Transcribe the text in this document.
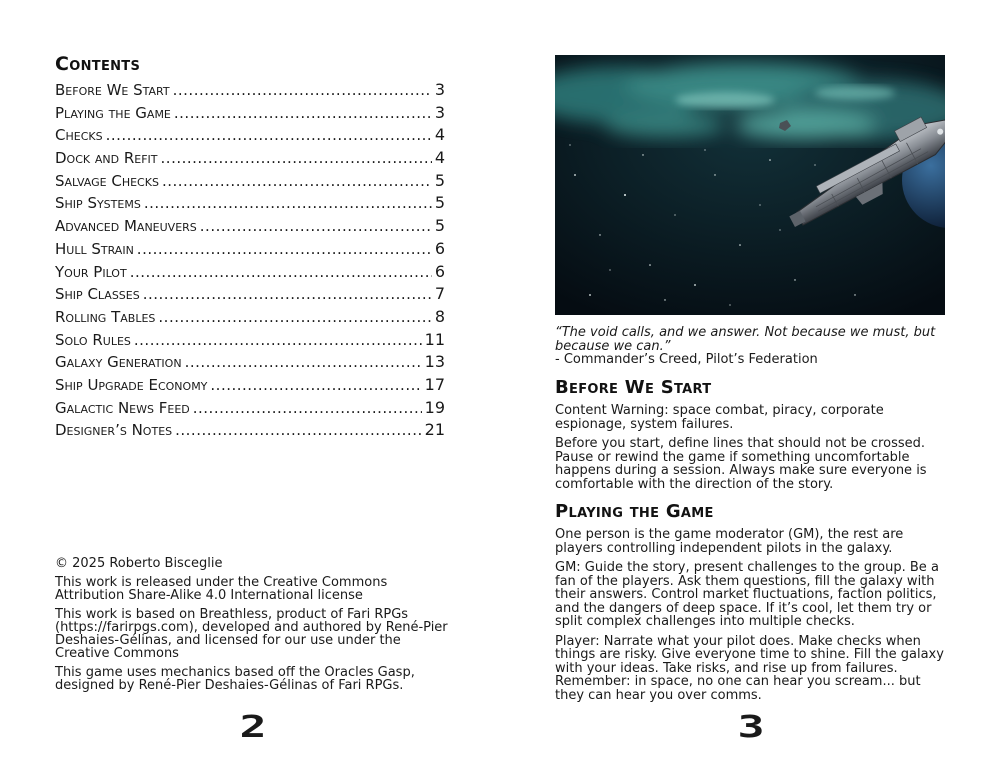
Contents
Before We Start .....	3
Playing the Game .....	3
Checks .....	4
Dock and Refit .....	4
Salvage Checks .....	5
Ship Systems .....	5
Advanced Maneuvers .....	5
Hull Strain .....	6
Your Pilot .....	6
Ship Classes .....	7
Rolling Tables .....	8
Solo Rules .....	11
Galaxy Generation .....	13
Ship Upgrade Economy .....	17
Galactic News Feed .....	19
Designer’s Notes .....	21

© 2025 Roberto Bisceglie

This work is released under the Creative Commons Attribution Share-Alike 4.0 International license

This work is based on Breathless, product of Fari RPGs (https://farirpgs.com), developed and authored by René-Pier Deshaies-Gélinas, and licensed for our use under the Creative Commons

This game uses mechanics based off the Oracles Gasp, designed by René-Pier Deshaies-Gélinas of Fari RPGs.

2
“The void calls, and we answer. Not because we must, but because we can.”
- Commander’s Creed, Pilot’s Federation
Before We Start

Content Warning: space combat, piracy, corporate espionage, system failures.

Before you start, define lines that should not be crossed. Pause or rewind the game if something uncomfortable happens during a session. Always make sure everyone is comfortable with the direction of the story.

Playing the Game

One person is the game moderator (GM), the rest are players controlling independent pilots in the galaxy.

GM: Guide the story, present challenges to the group. Be a fan of the players. Ask them questions, fill the galaxy with their answers. Control market fluctuations, faction politics, and the dangers of deep space. If it’s cool, let them try or split complex challenges into multiple checks.

Player: Narrate what your pilot does. Make checks when things are risky. Give everyone time to shine. Fill the galaxy with your ideas. Take risks, and rise up from failures. Remember: in space, no one can hear you scream... but they can hear you over comms.

3
